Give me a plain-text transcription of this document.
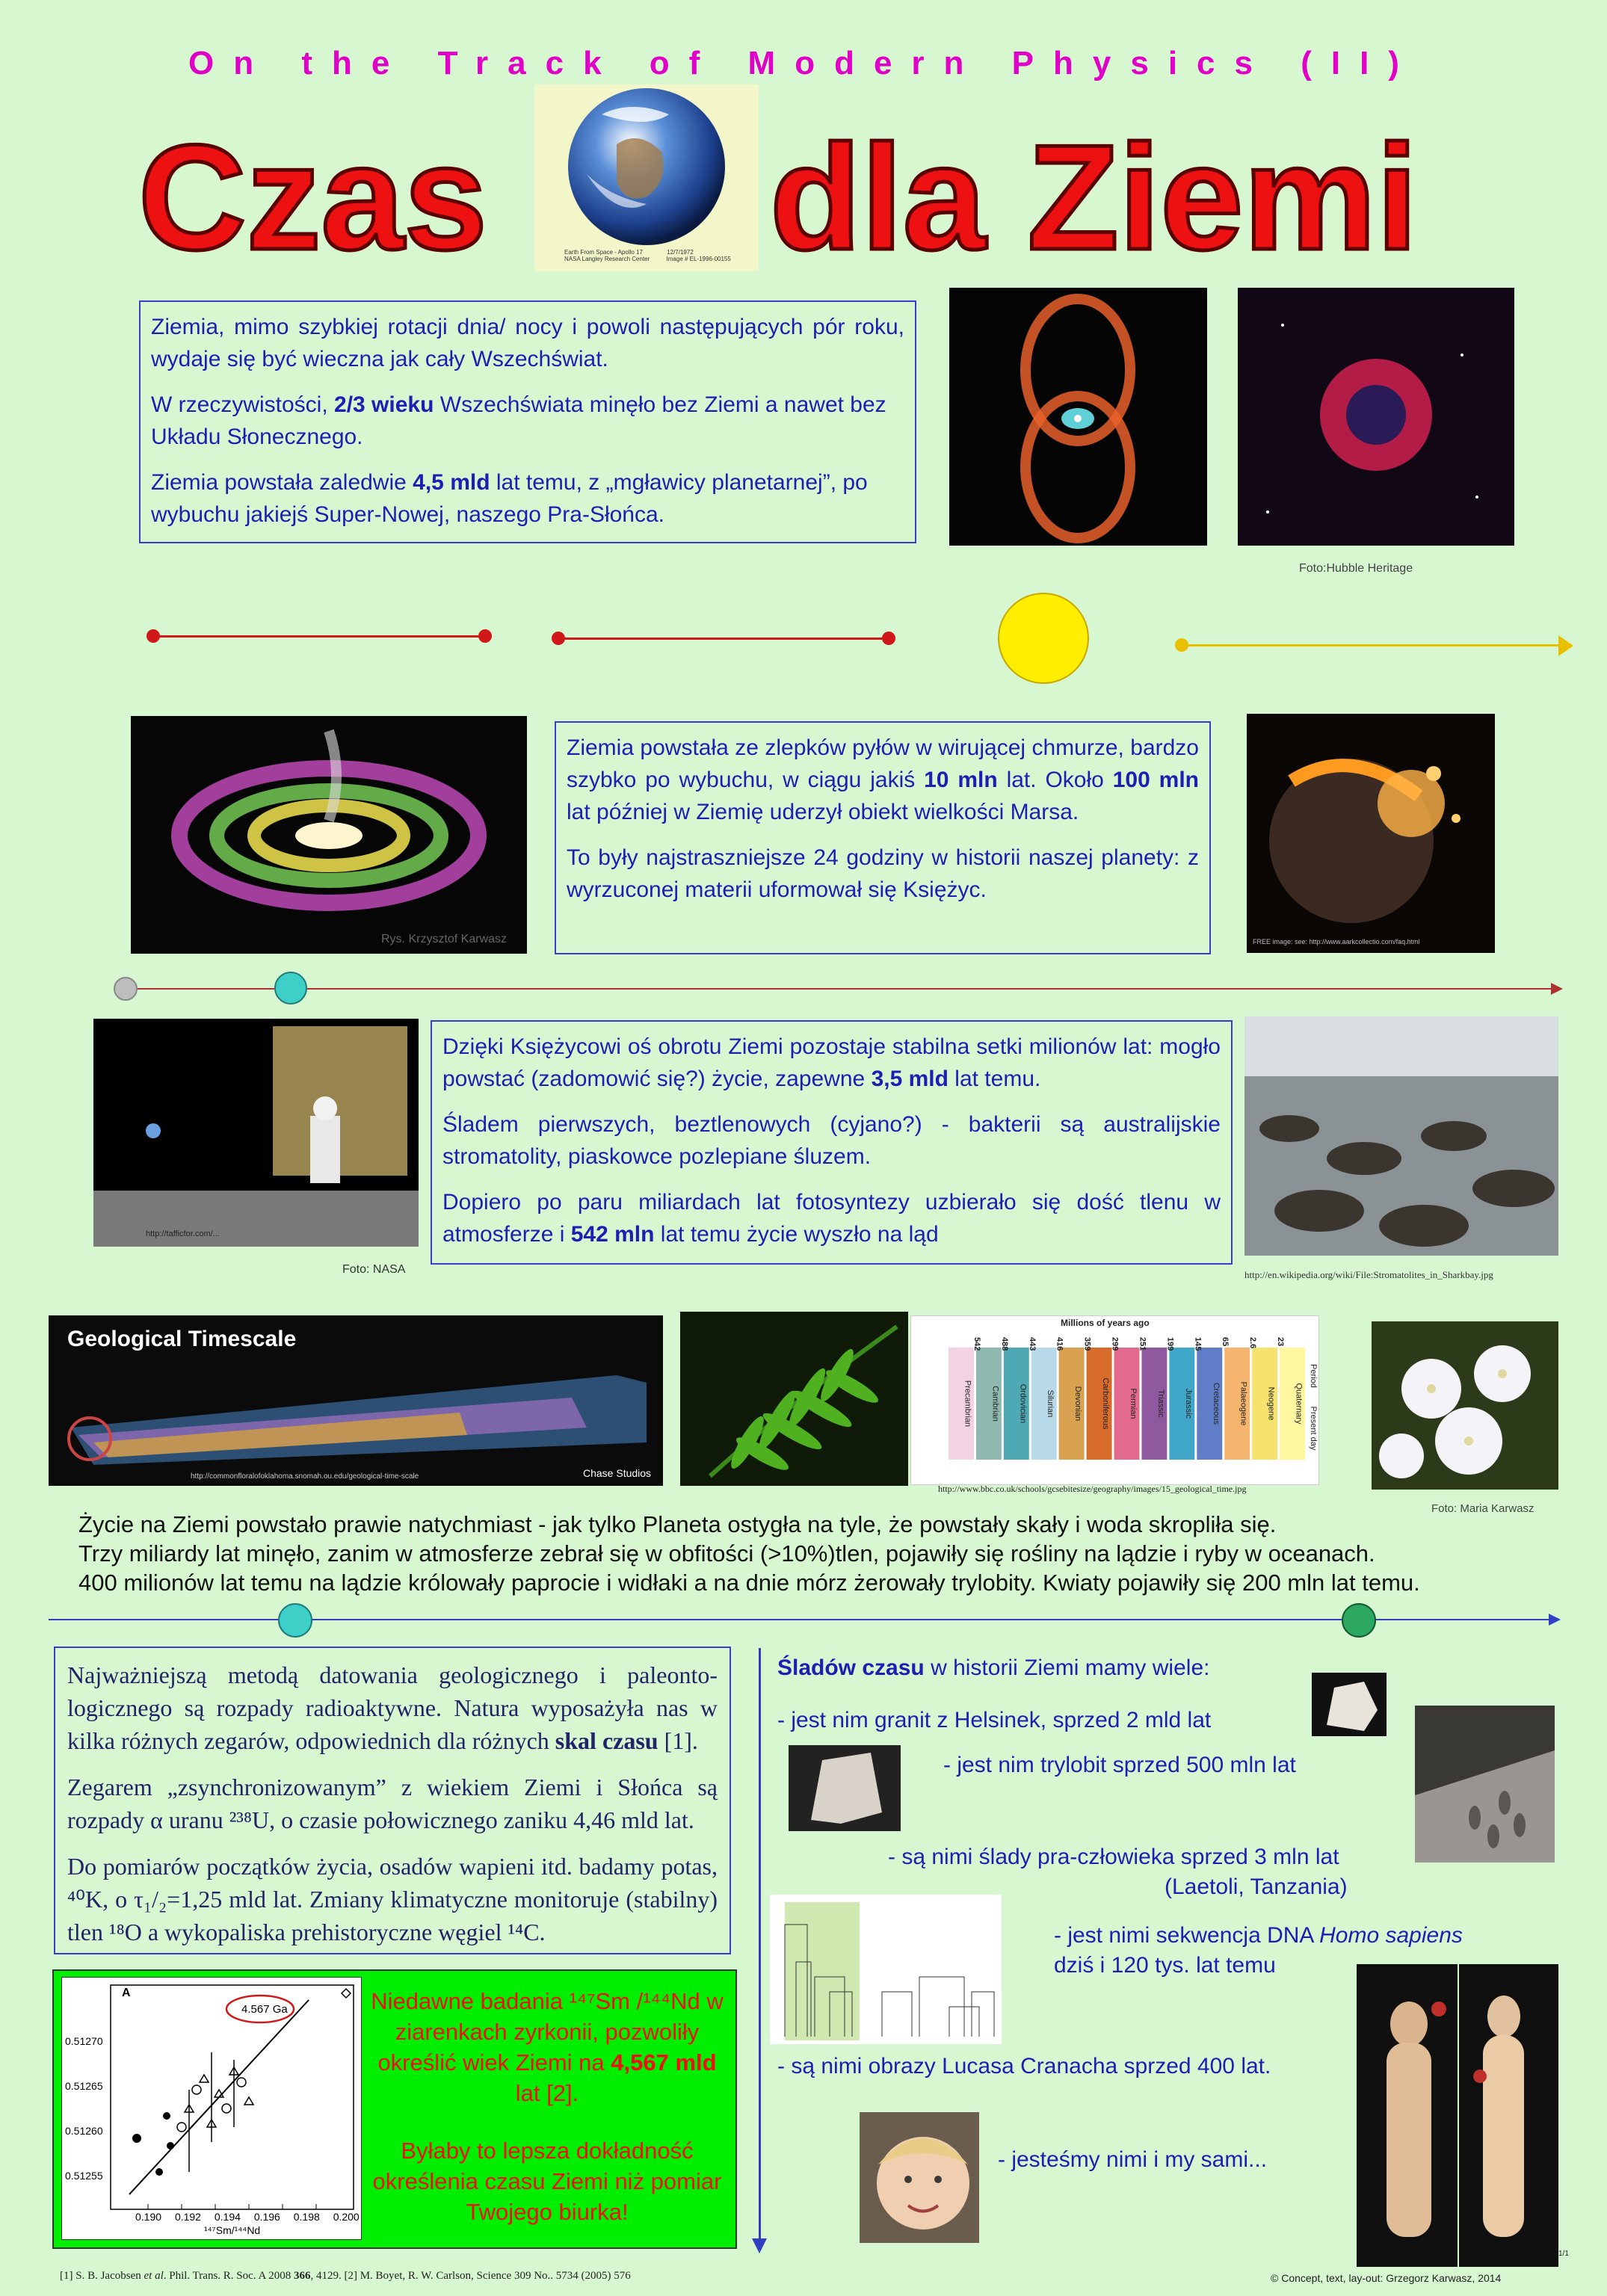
On the Track of Modern Physics (II)
Czas	Earth From Space - Apollo 17	12/7/1972
NASA Langley Research Center	Image # EL-1996-00155 dla Ziemi

Ziemia, mimo szybkiej rotacji dnia/ nocy i powoli następujących pór roku, wydaje się być wieczna jak cały Wszechświat.

W rzeczywistości, 2/3 wieku Wszechświata minęło bez Ziemi a nawet bez Układu Słonecznego.

Ziemia powstała zaledwie 4,5 mld lat temu, z „mgławicy planetarnej”, po wybuchu jakiejś Super-Nowej, naszego Pra-Słońca.

Foto:Hubble Heritage
Rys. Krzysztof Karwasz

Ziemia powstała ze zlepków pyłów w wirującej chmurze, bardzo szybko po wybuchu, w ciągu jakiś 10 mln lat. Około 100 mln lat później w Ziemię uderzył obiekt wielkości Marsa.

To były najstraszniejsze 24 godziny w historii naszej planety: z wyrzuconej materii uformował się Księżyc.

FREE image: see: http://www.aarkcollectio.com/faq.html
http://tafficfor.com/...
Foto: NASA

Dzięki Księżycowi oś obrotu Ziemi pozostaje stabilna setki milionów lat: mogło powstać (zadomowić się?) życie, zapewne 3,5 mld lat temu.

Śladem pierwszych, beztlenowych (cyjano?) - bakterii są australijskie stromatolity, piaskowce pozlepiane śluzem.

Dopiero po paru miliardach lat fotosyntezy uzbierało się dość tlenu w atmosferze i 542 mln lat temu życie wyszło na ląd

http://en.wikipedia.org/wiki/File:Stromatolites_in_Sharkbay.jpg
Geological Timescale
Chase Studios
http://commonfloralofoklahoma.snomah.ou.edu/geological-time-scale
Millions of years ago
Precambrian Cambrian Ordovician Silurian Devonian Carboniferous Permian Triassic Jurassic Cretaceous Palaeogene Neogene Quaternary
542 488 443 416 359 299 251 199 145 65 2.6 23
Period
Present day
http://www.bbc.co.uk/schools/gcsebitesize/geography/images/15_geological_time.jpg
Foto: Maria Karwasz
Życie na Ziemi powstało prawie natychmiast - jak tylko Planeta ostygła na tyle, że powstały skały i woda skropliła się.
Trzy miliardy lat minęło, zanim w atmosferze zebrał się w obfitości (>10%)tlen, pojawiły się rośliny na lądzie i ryby w oceanach.
400 milionów lat temu na lądzie królowały paprocie i widłaki a na dnie mórz żerowały trylobity. Kwiaty pojawiły się 200 mln lat temu.

Najważniejszą metodą datowania geologicznego i paleonto-logicznego są rozpady radioaktywne. Natura wyposażyła nas w kilka różnych zegarów, odpowiednich dla różnych skal czasu [1].

Zegarem „zsynchronizowanym” z wiekiem Ziemi i Słońca są rozpady α uranu ²³⁸U, o czasie połowicznego zaniku 4,46 mld lat.

Do pomiarów początków życia, osadów wapieni itd. badamy potas, ⁴⁰K, o τ₁/₂=1,25 mld lat. Zmiany klimatyczne monitoruje (stabilny) tlen ¹⁸O a wykopaliska prehistoryczne węgiel ¹⁴C.

A
4.567 Ga
0.51270
0.51265
0.51260
0.51255
0.190 0.192 0.194 0.196 0.198 0.200
¹⁴⁷Sm/¹⁴⁴Nd
Niedawne badania ¹⁴⁷Sm /¹⁴⁴Nd w ziarenkach zyrkonii, pozwoliły określić wiek Ziemi na 4,567 mld lat [2].
Byłaby to lepsza dokładność określenia czasu Ziemi niż pomiar Twojego biurka!
Śladów czasu w historii Ziemi mamy wiele:
- jest nim granit z Helsinek, sprzed 2 mld lat
- jest nim trylobit sprzed 500 mln lat
- są nimi ślady pra-człowieka sprzed 3 mln lat
(Laetoli, Tanzania)
- jest nimi sekwencja DNA Homo sapiens
dziś i 120 tys. lat temu
- są nimi obrazy Lucasa Cranacha sprzed 400 lat.
- jesteśmy nimi i my sami...
[1] S. B. Jacobsen et al. Phil. Trans. R. Soc. A 2008 366, 4129. [2] M. Boyet, R. W. Carlson, Science 309 No.. 5734 (2005) 576	© Concept, text, lay-out: Grzegorz Karwasz, 2014
1/1
